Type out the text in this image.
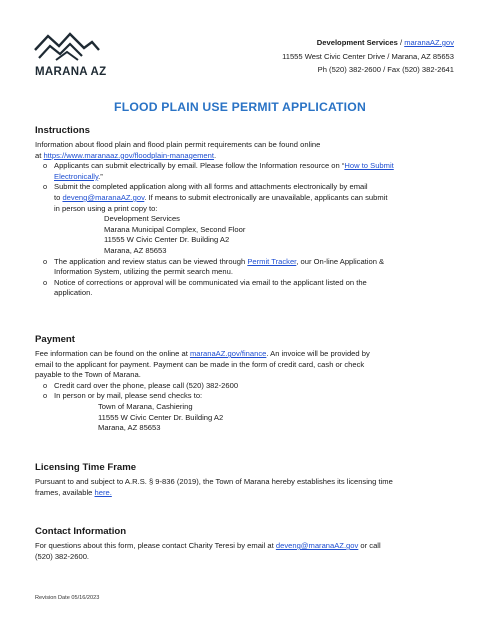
MARANA AZ
Development Services / maranaAZ.gov
11555 West Civic Center Drive / Marana, AZ 85653
Ph (520) 382-2600 / Fax (520) 382-2641
FLOOD PLAIN USE PERMIT APPLICATION
Instructions
Information about flood plain and flood plain permit requirements can be found online
at https://www.maranaaz.gov/floodplain-management.
o Applicants can submit electrically by email. Please follow the Information resource on “How to Submit
Electronically.”
o Submit the completed application along with all forms and attachments electronically by email
to deveng@maranaAZ.gov. If means to submit electronically are unavailable, applicants can submit
in person using a print copy to:
Development Services
Marana Municipal Complex, Second Floor
11555 W Civic Center Dr. Building A2
Marana, AZ 85653
o The application and review status can be viewed through Permit Tracker, our On-line Application &
Information System, utilizing the permit search menu.
o Notice of corrections or approval will be communicated via email to the applicant listed on the
application.
Payment
Fee information can be found on the online at maranaAZ.gov/finance. An invoice will be provided by
email to the applicant for payment. Payment can be made in the form of credit card, cash or check
payable to the Town of Marana.
o Credit card over the phone, please call (520) 382-2600
o In person or by mail, please send checks to:
Town of Marana, Cashiering
11555 W Civic Center Dr. Building A2
Marana, AZ 85653
Licensing Time Frame
Pursuant to and subject to A.R.S. § 9-836 (2019), the Town of Marana hereby establishes its licensing time
frames, available here.
Contact Information
For questions about this form, please contact Charity Teresi by email at deveng@maranaAZ.gov or call
(520) 382-2600.
Revision Date 05/16/2023
